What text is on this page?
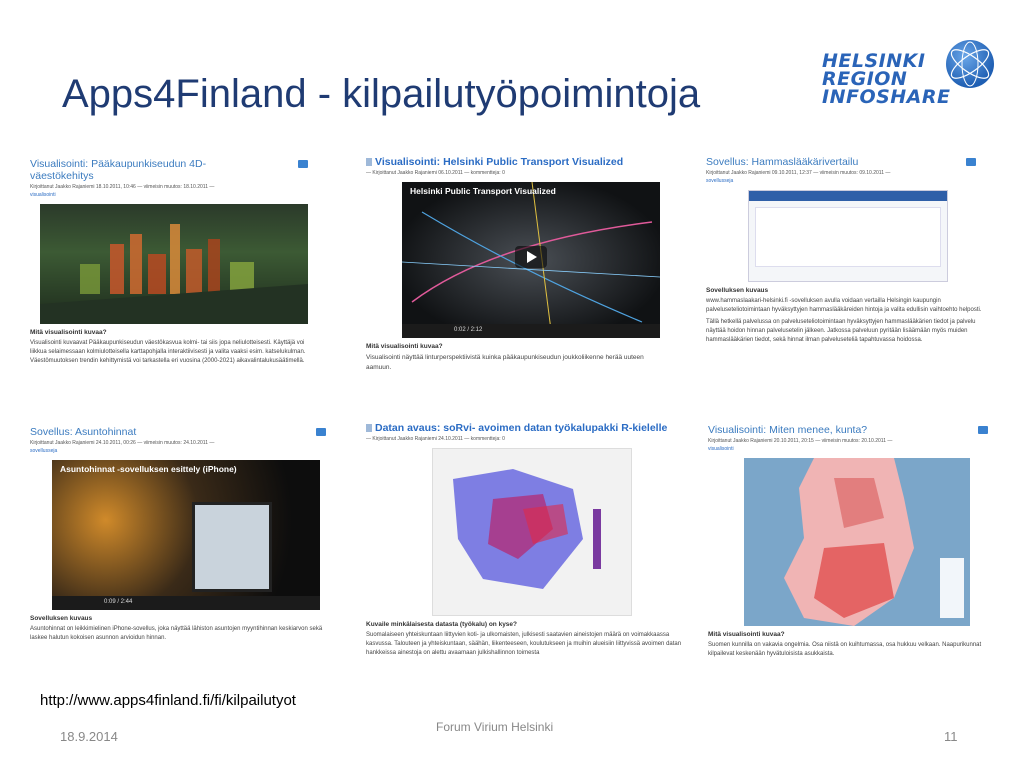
Apps4Finland - kilpailutyöpoimintoja
HELSINKI
REGION
INFOSHARE
Visualisointi: Pääkaupunkiseudun 4D-väestökehitys
Kirjoittanut Jaakko Rajaniemi 18.10.2011, 10:46 — viimeisin muutos: 18.10.2011 —
visualisointi
Mitä visualisointi kuvaa?
Visualisointi kuvaavat Pääkaupunkiseudun väestökasvua kolmi- tai siis jopa neliulotteisesti. Käyttäjä voi liikkua selaimessaan kolmiulotteisella karttapohjalla interaktiivisesti ja valita vaaksi esim. katselukulman. Väestömuutoksen trendin kehittymistä voi tarkastella eri vuosina (2000-2021) aikavalintalukusäätimellä.
Visualisointi: Helsinki Public Transport Visualized
— Kirjoittanut Jaakko Rajaniemi 06.10.2011 — kommentteja: 0
Helsinki Public Transport Visualized
0:02 / 2:12
Mitä visualisointi kuvaa?
Visualisointi näyttää linturperspektiivistä kuinka pääkaupunkiseudun joukkoliikenne herää uuteen aamuun.
Sovellus: Hammaslääkärivertailu
Kirjoittanut Jaakko Rajaniemi 09.10.2011, 12:37 — viimeisin muutos: 09.10.2011 —
sovellusseja
Sovelluksen kuvaus
www.hammaslaakari-helsinki.fi -sovelluksen avulla voidaan vertailla Helsingin kaupungin palveluseteliotoimintaan hyväksyttyjen hammaslääkäreiden hintoja ja valita edullisin vaihtoehto helposti.
Tällä hetkellä palvelussa on palveluseteliotoimintaan hyväksyttyjen hammaslääkärien tiedot ja palvelu näyttää hoidon hinnan palvelusetelin jälkeen. Jatkossa palveluun pyritään lisäämään myös muiden hammaslääkärien tiedot, sekä hinnat ilman palveluseteliä tapahtuvassa hoidossa.
Sovellus: Asuntohinnat
Kirjoittanut Jaakko Rajaniemi 24.10.2011, 00:26 — viimeisin muutos: 24.10.2011 —
sovellusseja
Asuntohinnat -sovelluksen esittely (iPhone)
0:09 / 2:44
Sovelluksen kuvaus
Asuntohinnat on leikkimielinen iPhone-sovellus, joka näyttää lähiston asuntojen myyntihinnan keskiarvon sekä laskee halutun kokoisen asunnon arvioidun hinnan.
Datan avaus: soRvi- avoimen datan työkalupakki R-kielelle
— Kirjoittanut Jaakko Rajaniemi 24.10.2011 — kommentteja: 0
Kuvaile minkälaisesta datasta (työkalu) on kyse?
Suomalaiseen yhteiskuntaan liittyvien koti- ja ulkomaisten, julkisesti saatavien aineistojen määrä on voimakkaassa kasvussa. Talouteen ja yhteiskuntaan, säähän, liikenteeseen, koulutukseen ja muihin alueisiin liittyvissä avoimen datan hankkeissa ainestoja on alettu avaamaan julkishallinnon toimesta
Visualisointi: Miten menee, kunta?
Kirjoittanut Jaakko Rajaniemi 20.10.2011, 20:15 — viimeisin muutos: 20.10.2011 —
visualisointi
Mitä visualisointi kuvaa?
Suomen kunnilla on vakavia ongelmia. Osa niistä on kuihtumassa, osa hukkuu velkaan. Naapurikunnat kilpailevat keskenään hyvätuloisista asukkaista.
http://www.apps4finland.fi/fi/kilpailutyot
18.9.2014
Forum Virium Helsinki
11
